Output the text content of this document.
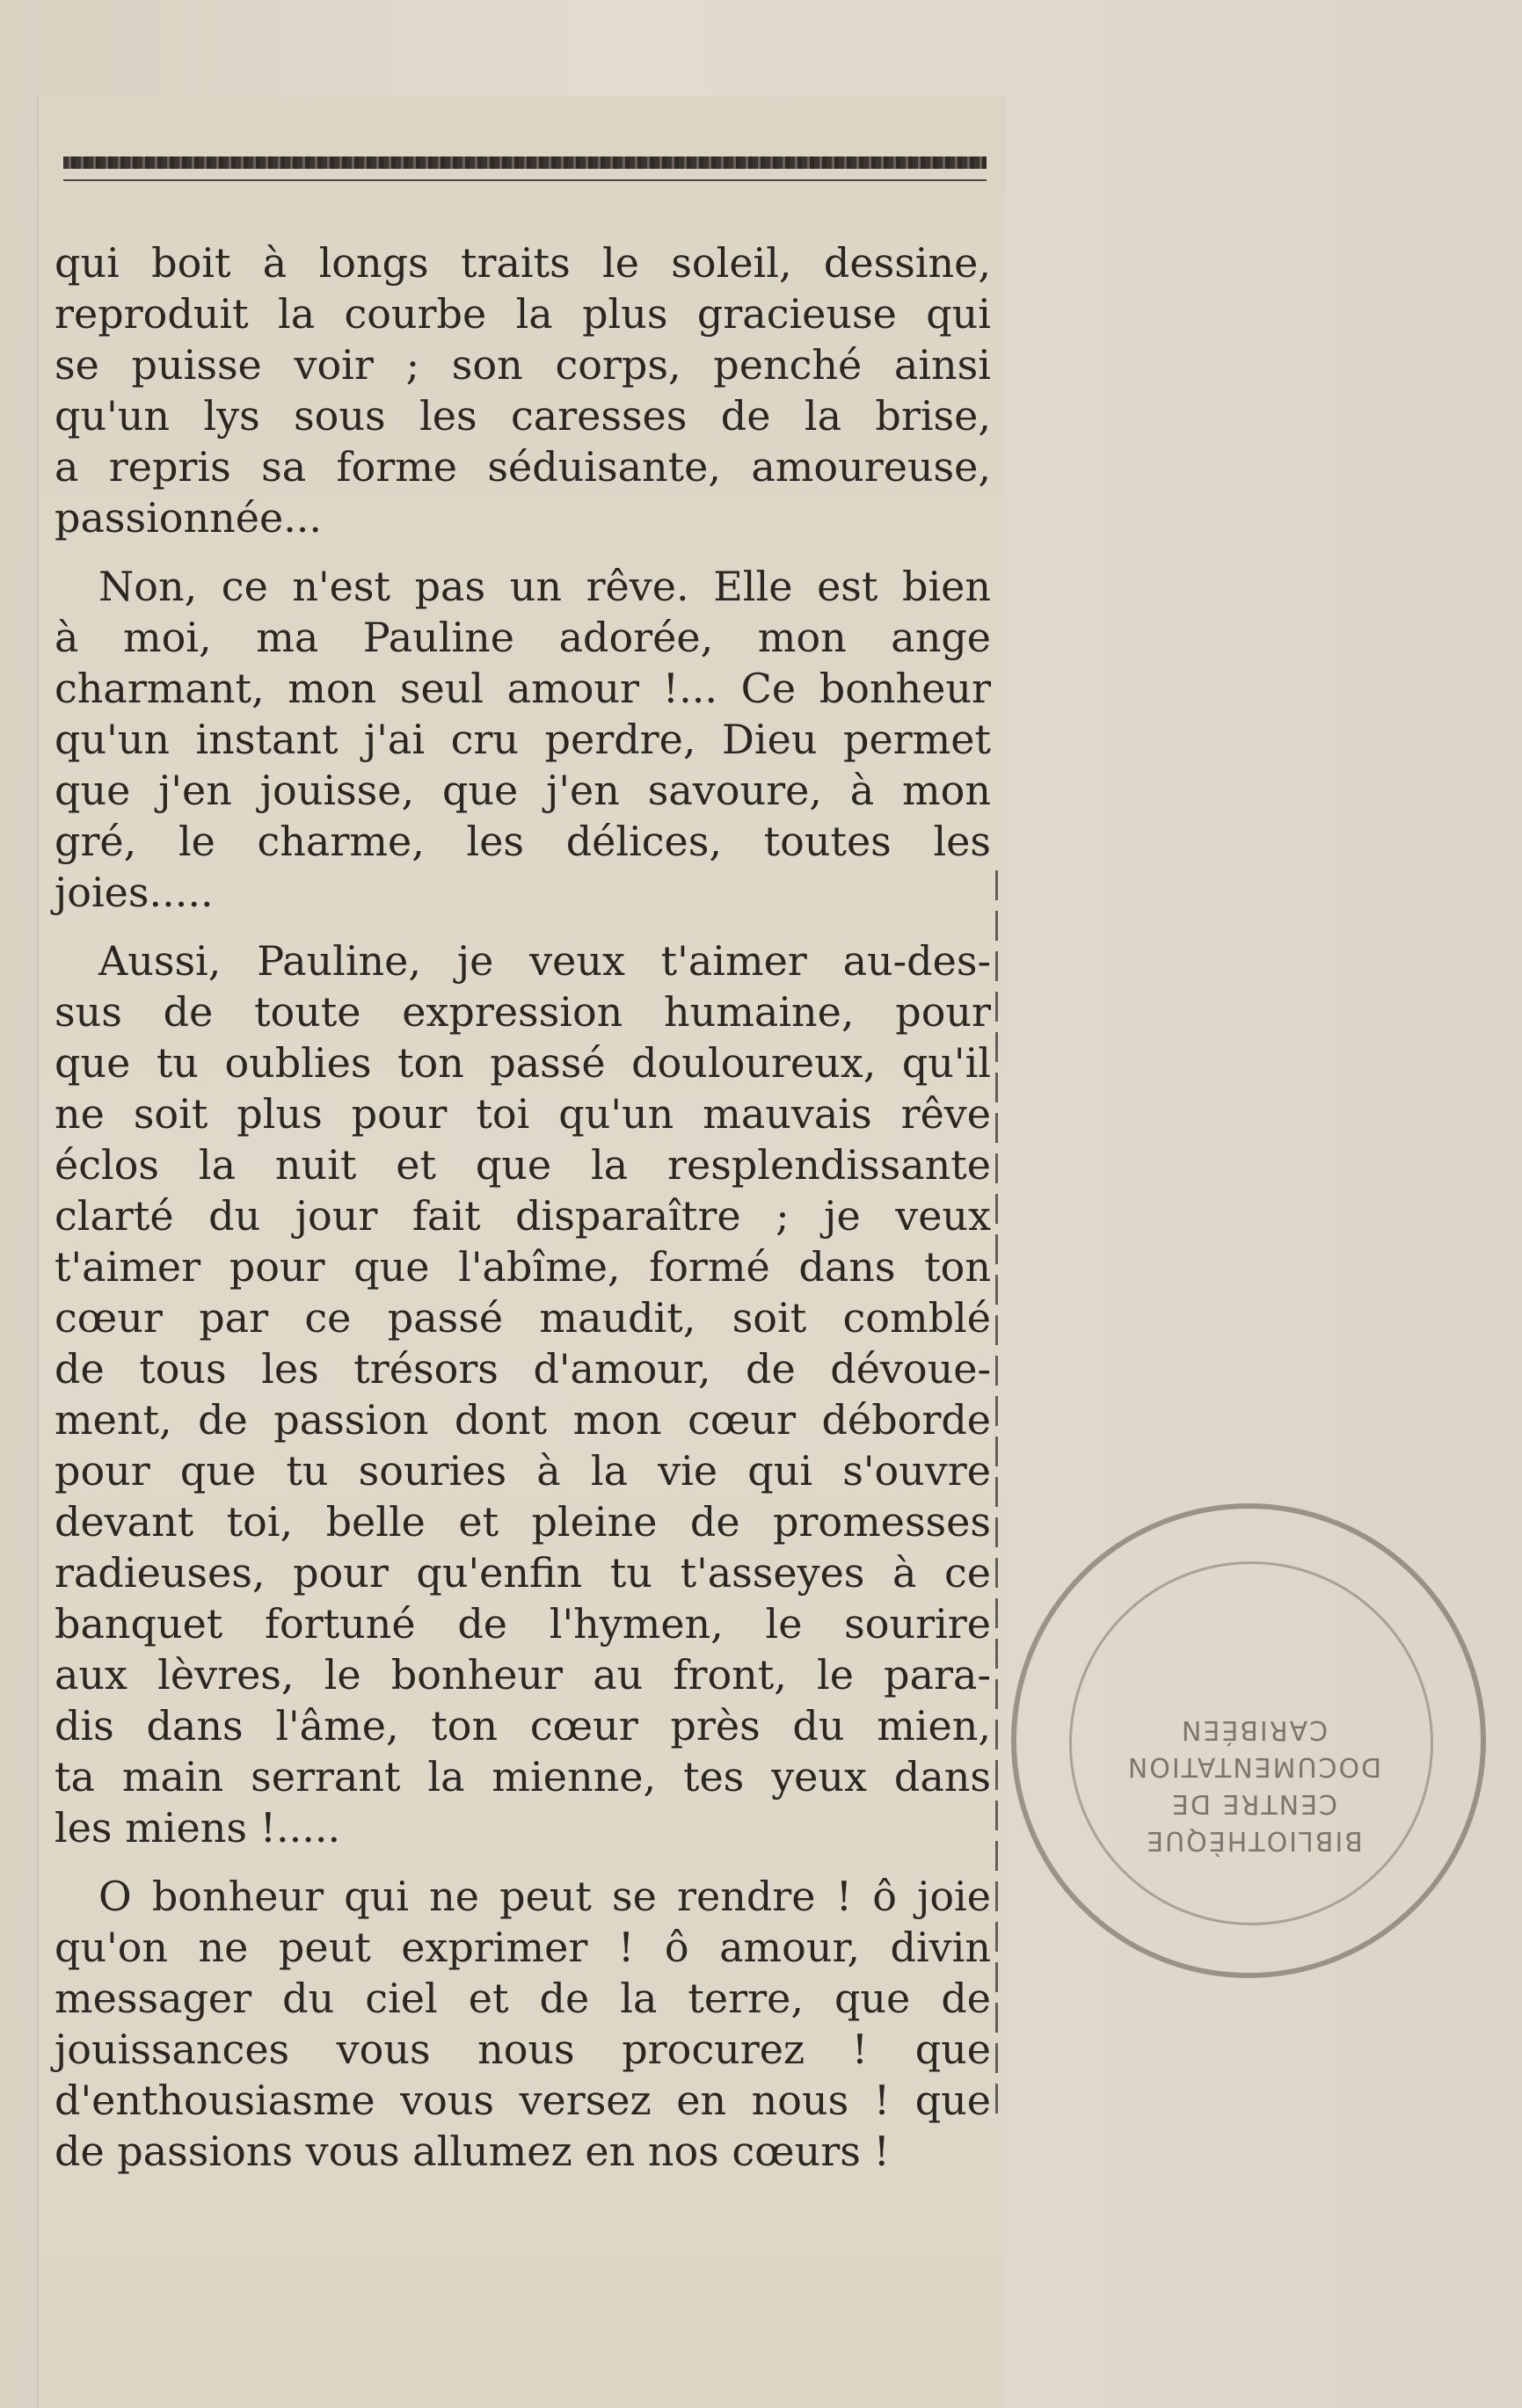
qui boit à longs traits le soleil, dessine,
reproduit la courbe la plus gracieuse qui
se puisse voir ; son corps, penché ainsi
qu'un lys sous les caresses de la brise,
a repris sa forme séduisante, amoureuse,
passionnée...
Non, ce n'est pas un rêve. Elle est bien
à moi, ma Pauline adorée, mon ange
charmant, mon seul amour !... Ce bonheur
qu'un instant j'ai cru perdre, Dieu permet
que j'en jouisse, que j'en savoure, à mon
gré, le charme, les délices, toutes les
joies.....
Aussi, Pauline, je veux t'aimer au-des-
sus de toute expression humaine, pour
que tu oublies ton passé douloureux, qu'il
ne soit plus pour toi qu'un mauvais rêve
éclos la nuit et que la resplendissante
clarté du jour fait disparaître ; je veux
t'aimer pour que l'abîme, formé dans ton
cœur par ce passé maudit, soit comblé
de tous les trésors d'amour, de dévoue-
ment, de passion dont mon cœur déborde
pour que tu souries à la vie qui s'ouvre
devant toi, belle et pleine de promesses
radieuses, pour qu'enfin tu t'asseyes à ce
banquet fortuné de l'hymen, le sourire
aux lèvres, le bonheur au front, le para-
dis dans l'âme, ton cœur près du mien,
ta main serrant la mienne, tes yeux dans
les miens !.....
O bonheur qui ne peut se rendre ! ô joie
qu'on ne peut exprimer ! ô amour, divin
messager du ciel et de la terre, que de
jouissances vous nous procurez ! que
d'enthousiasme vous versez en nous ! que
de passions vous allumez en nos cœurs !
BIBLIOTHÈQUE
CENTRE DE
DOCUMENTATION
CARIBÉEN
